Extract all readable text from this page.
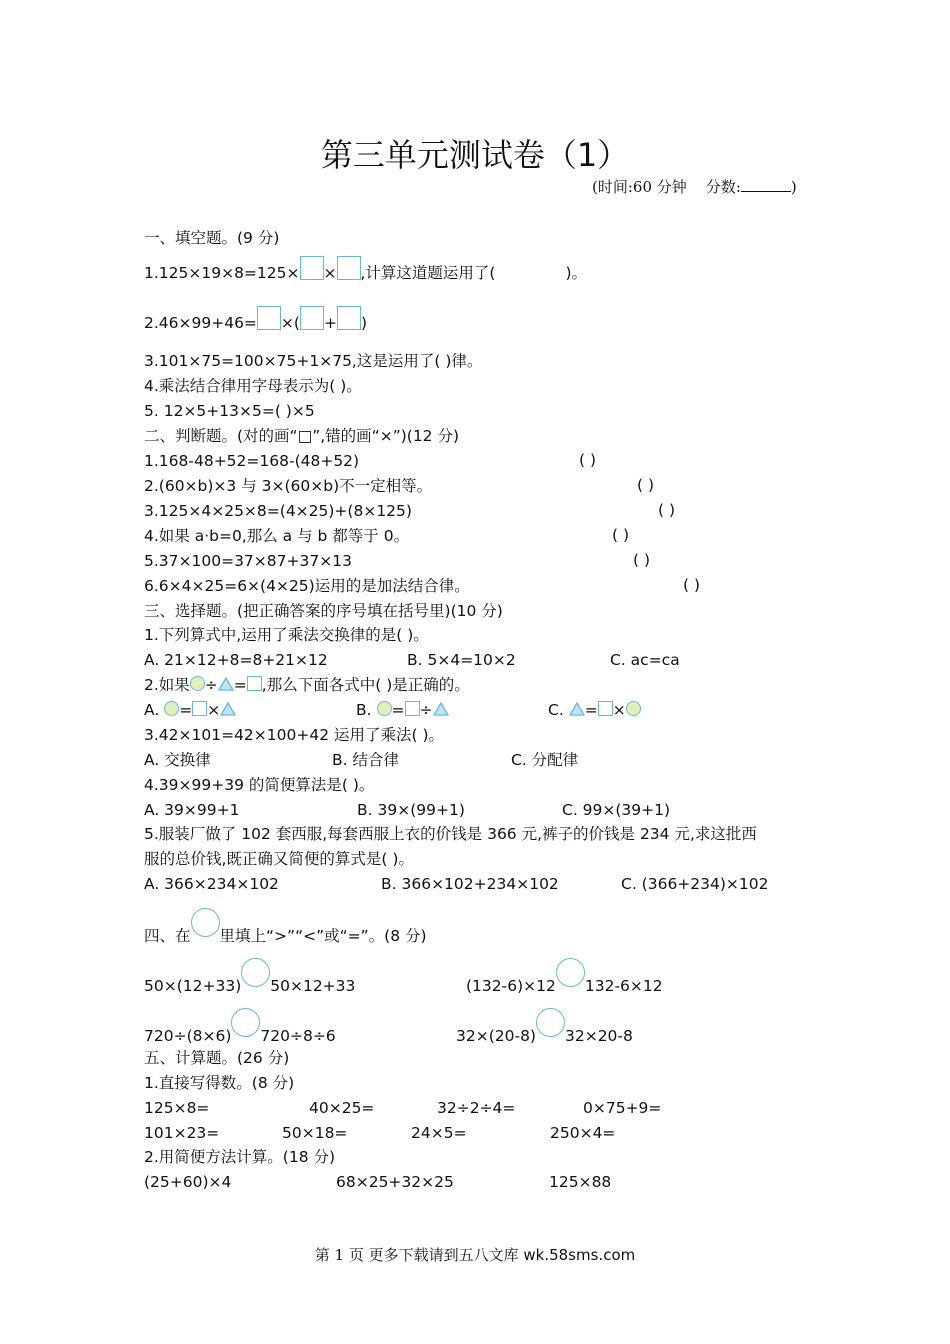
第三单元测试卷（1）
(时间:60 分钟 分数:	)
一、填空题。(9 分)
1.125×19×8=125× × ,计算这道题运用了(	)。
2.46×99+46= ×( + )
3.101×75=100×75+1×75,这是运用了( )律。
4.乘法结合律用字母表示为( )。
5. 12×5+13×5=( )×5
二、判断题。(对的画“□”,错的画“×”)(12 分)
1.168-48+52=168-(48+52)	( )
2.(60×b)×3 与 3×(60×b)不一定相等。	( )
3.125×4×25×8=(4×25)+(8×125)	( )
4.如果 a·b=0,那么 a 与 b 都等于 0。	( )
5.37×100=37×87+37×13	( )
6.6×4×25=6×(4×25)运用的是加法结合律。	( )
三、选择题。(把正确答案的序号填在括号里)(10 分)
1.下列算式中,运用了乘法交换律的是( )。
A. 21×12+8=8+21×12	B. 5×4=10×2	C. ac=ca
2.如果 ÷ = ,那么下面各式中( )是正确的。
A. = ×	B. = ÷	C. = ×
3.42×101=42×100+42 运用了乘法( )。
A. 交换律	B. 结合律	C. 分配律
4.39×99+39 的简便算法是( )。
A. 39×99+1	B. 39×(99+1)	C. 99×(39+1)
5.服装厂做了 102 套西服,每套西服上衣的价钱是 366 元,裤子的价钱是 234 元,求这批西
服的总价钱,既正确又简便的算式是( )。
A. 366×234×102	B. 366×102+234×102	C. (366+234)×102
四、在 里填上“>”“<”或“=”。(8 分)
50×(12+33) 50×12+33	(132-6)×12 132-6×12
720÷(8×6) 720÷8÷6	32×(20-8) 32×20-8
五、计算题。(26 分)
1.直接写得数。(8 分)
125×8=	40×25=	32÷2÷4=	0×75+9=
101×23=	50×18=	24×5=	250×4=
2.用简便方法计算。(18 分)
(25+60)×4	68×25+32×25	125×88
第 1 页 更多下载请到五八文库 wk.58sms.com
